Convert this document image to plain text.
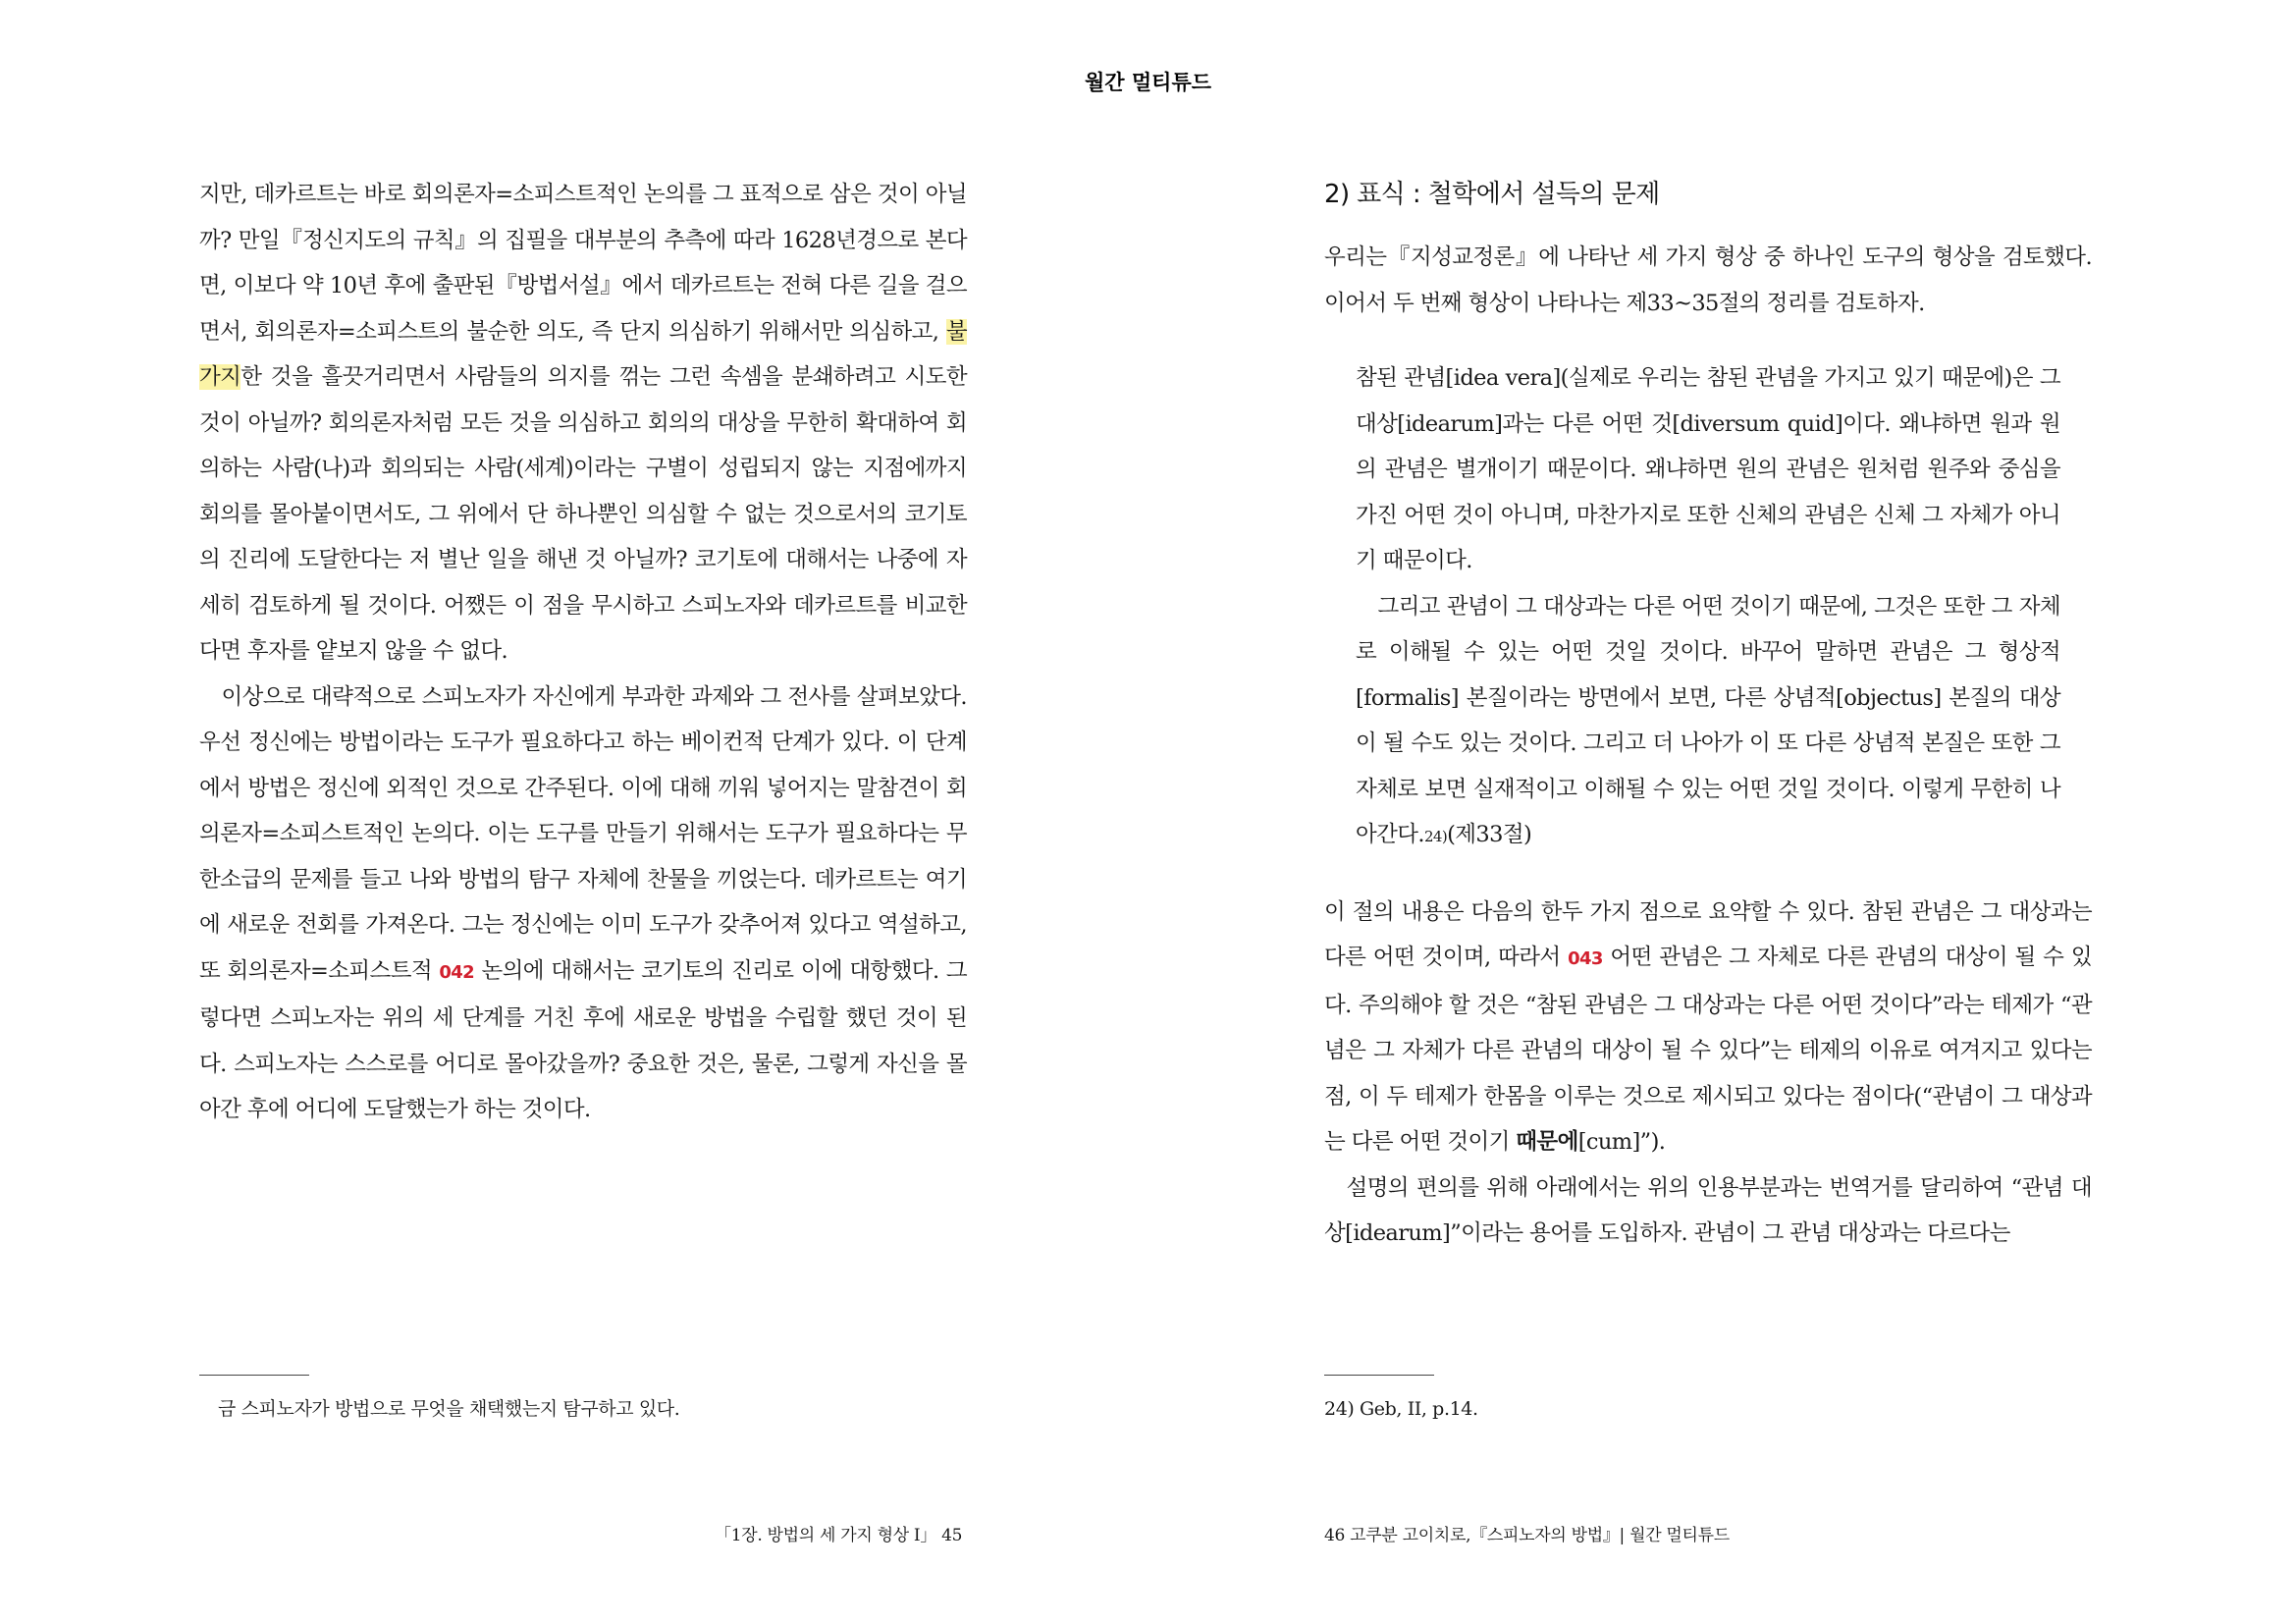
월간 멀티튜드

지만, 데카르트는 바로 회의론자=소피스트적인 논의를 그 표적으로 삼은 것이 아닐까? 만일『정신지도의 규칙』의 집필을 대부분의 추측에 따라 1628년경으로 본다면, 이보다 약 10년 후에 출판된『방법서설』에서 데카르트는 전혀 다른 길을 걸으면서, 회의론자=소피스트의 불순한 의도, 즉 단지 의심하기 위해서만 의심하고, 불가지한 것을 흘끗거리면서 사람들의 의지를 꺾는 그런 속셈을 분쇄하려고 시도한 것이 아닐까? 회의론자처럼 모든 것을 의심하고 회의의 대상을 무한히 확대하여 회의하는 사람(나)과 회의되는 사람(세계)이라는 구별이 성립되지 않는 지점에까지 회의를 몰아붙이면서도, 그 위에서 단 하나뿐인 의심할 수 없는 것으로서의 코기토의 진리에 도달한다는 저 별난 일을 해낸 것 아닐까? 코기토에 대해서는 나중에 자세히 검토하게 될 것이다. 어쨌든 이 점을 무시하고 스피노자와 데카르트를 비교한다면 후자를 얕보지 않을 수 없다.

이상으로 대략적으로 스피노자가 자신에게 부과한 과제와 그 전사를 살펴보았다. 우선 정신에는 방법이라는 도구가 필요하다고 하는 베이컨적 단계가 있다. 이 단계에서 방법은 정신에 외적인 것으로 간주된다. 이에 대해 끼워 넣어지는 말참견이 회의론자=소피스트적인 논의다. 이는 도구를 만들기 위해서는 도구가 필요하다는 무한소급의 문제를 들고 나와 방법의 탐구 자체에 찬물을 끼얹는다. 데카르트는 여기에 새로운 전회를 가져온다. 그는 정신에는 이미 도구가 갖추어져 있다고 역설하고, 또 회의론자=소피스트적 042 논의에 대해서는 코기토의 진리로 이에 대항했다. 그렇다면 스피노자는 위의 세 단계를 거친 후에 새로운 방법을 수립할 했던 것이 된다. 스피노자는 스스로를 어디로 몰아갔을까? 중요한 것은, 물론, 그렇게 자신을 몰아간 후에 어디에 도달했는가 하는 것이다.

금 스피노자가 방법으로 무엇을 채택했는지 탐구하고 있다.
「1장. 방법의 세 가지 형상 I」 45
2) 표식 : 철학에서 설득의 문제

우리는『지성교정론』에 나타난 세 가지 형상 중 하나인 도구의 형상을 검토했다. 이어서 두 번째 형상이 나타나는 제33~35절의 정리를 검토하자.

참된 관념[idea vera](실제로 우리는 참된 관념을 가지고 있기 때문에)은 그 대상[idearum]과는 다른 어떤 것[diversum quid]이다. 왜냐하면 원과 원의 관념은 별개이기 때문이다. 왜냐하면 원의 관념은 원처럼 원주와 중심을 가진 어떤 것이 아니며, 마찬가지로 또한 신체의 관념은 신체 그 자체가 아니기 때문이다.

그리고 관념이 그 대상과는 다른 어떤 것이기 때문에, 그것은 또한 그 자체로 이해될 수 있는 어떤 것일 것이다. 바꾸어 말하면 관념은 그 형상적[formalis] 본질이라는 방면에서 보면, 다른 상념적[objectus] 본질의 대상이 될 수도 있는 것이다. 그리고 더 나아가 이 또 다른 상념적 본질은 또한 그 자체로 보면 실재적이고 이해될 수 있는 어떤 것일 것이다. 이렇게 무한히 나아간다.24)(제33절)

이 절의 내용은 다음의 한두 가지 점으로 요약할 수 있다. 참된 관념은 그 대상과는 다른 어떤 것이며, 따라서 043 어떤 관념은 그 자체로 다른 관념의 대상이 될 수 있다. 주의해야 할 것은 “참된 관념은 그 대상과는 다른 어떤 것이다”라는 테제가 “관념은 그 자체가 다른 관념의 대상이 될 수 있다”는 테제의 이유로 여겨지고 있다는 점, 이 두 테제가 한몸을 이루는 것으로 제시되고 있다는 점이다(“관념이 그 대상과는 다른 어떤 것이기 때문에[cum]”).

설명의 편의를 위해 아래에서는 위의 인용부분과는 번역거를 달리하여 “관념 대상[idearum]”이라는 용어를 도입하자. 관념이 그 관념 대상과는 다르다는

24) Geb, II, p.14.
46 고쿠분 고이치로,『스피노자의 방법』| 월간 멀티튜드
